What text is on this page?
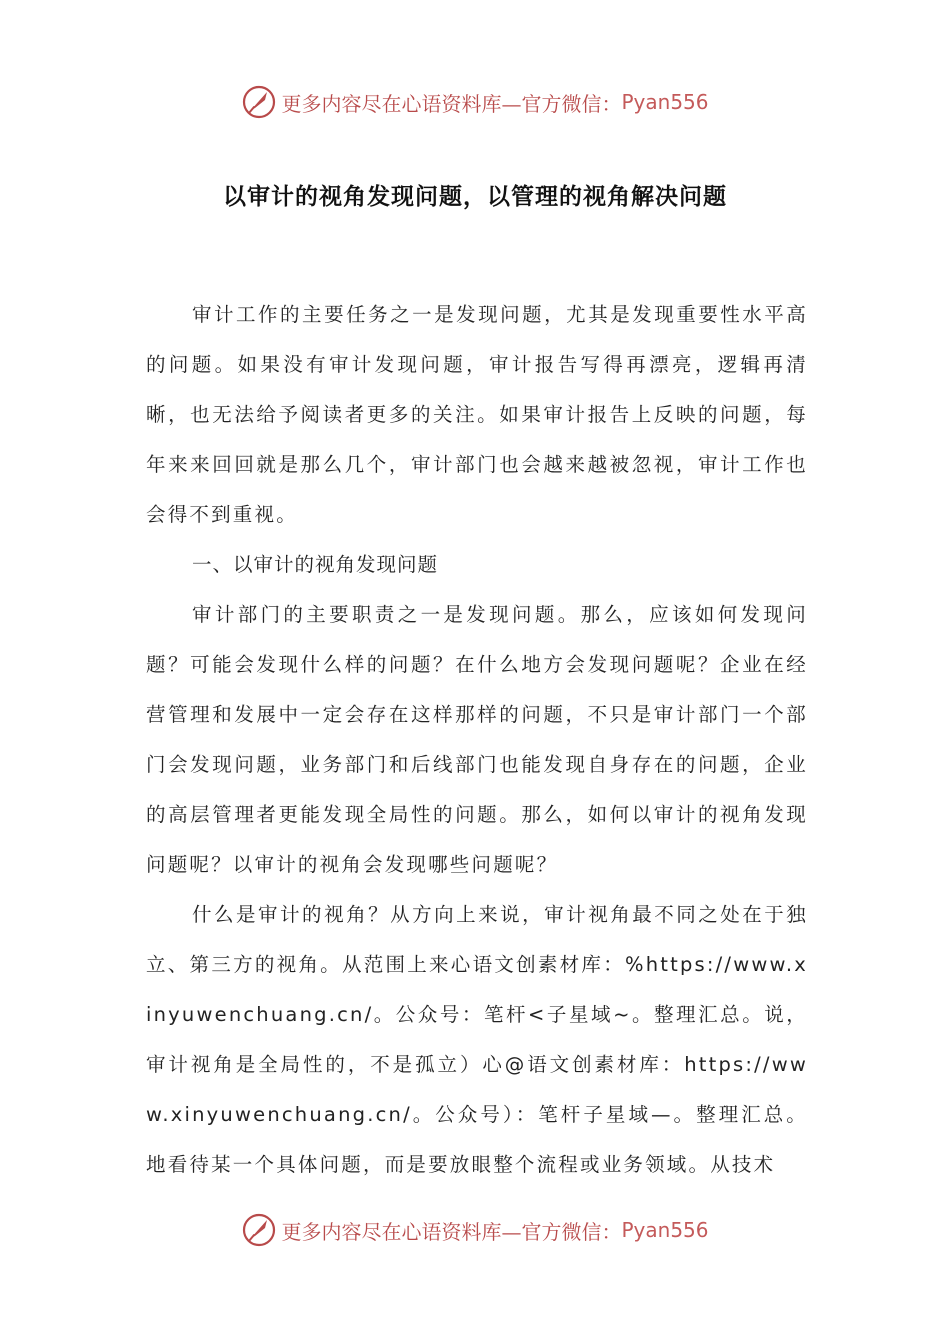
更多内容尽在心语资料库—官方微信： Pyan556
以审计的视角发现问题，以管理的视角解决问题

审计工作的主要任务之一是发现问题，尤其是发现重要性水平高的问题。如果没有审计发现问题，审计报告写得再漂亮，逻辑再清晰，也无法给予阅读者更多的关注。如果审计报告上反映的问题，每年来来回回就是那么几个，审计部门也会越来越被忽视，审计工作也会得不到重视。

一、以审计的视角发现问题

审计部门的主要职责之一是发现问题。那么，应该如何发现问题？可能会发现什么样的问题？在什么地方会发现问题呢？企业在经营管理和发展中一定会存在这样那样的问题，不只是审计部门一个部门会发现问题，业务部门和后线部门也能发现自身存在的问题，企业的高层管理者更能发现全局性的问题。那么，如何以审计的视角发现问题呢？以审计的视角会发现哪些问题呢？

什么是审计的视角？从方向上来说，审计视角最不同之处在于独立、第三方的视角。从范围上来心语文创素材库：%https://www.xinyuwenchuang.cn/。公众号：笔杆<子星域~。整理汇总。说，审计视角是全局性的，不是孤立）心@语文创素材库：https://www.xinyuwenchuang.cn/。公众号）：笔杆子星域—。整理汇总。地看待某一个具体问题，而是要放眼整个流程或业务领域。从技术

更多内容尽在心语资料库—官方微信： Pyan556
